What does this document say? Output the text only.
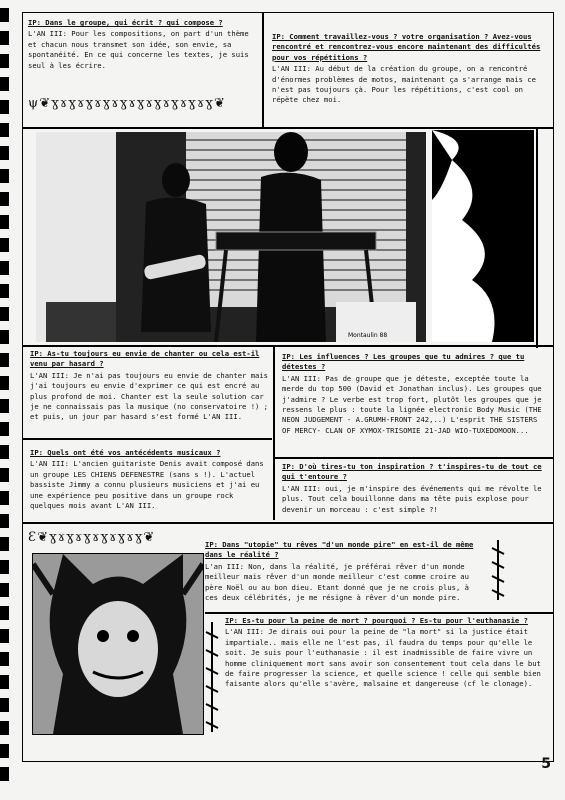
IP: Dans le groupe, qui écrit ? qui compose ?
L'AN III: Pour les compositions, on part d'un thème et chacun nous transmet son idée, son envie, sa spontanéité. En ce qui concerne les textes, je suis seul à les écrire.
IP: Comment travaillez-vous ? votre organisation ? Avez-vous rencontré et rencontrez-vous encore maintenant des difficultés pour vos répétitions ?
L'AN III: Au début de la création du groupe, on a rencontré d'énormes problèmes de motos, maintenant ça s'arrange mais ce n'est pas toujours çà. Pour les répétitions, c'est cool on répète chez moi.
ψ❦ɣɤɣɤɣɤɣɤɣɤɣɤɣɤɣɤɣɤɣ❦
Montaulin 88
IP: As-tu toujours eu envie de chanter ou cela est-il venu par hasard ?
L'AN III: Je n'ai pas toujours eu envie de chanter mais j'ai toujours eu envie d'exprimer ce qui est encré au plus profond de moi. Chanter est la seule solution car je ne connaissais pas la musique (no conservatoire !) ; et puis, un jour par hasard s'est formé L'AN III.
IP: Quels ont été vos antécédents musicaux ?
L'AN III: L'ancien guitariste Denis avait composé dans un groupe LES CHIENS DEFENESTRE (sans s !). L'actuel bassiste Jimmy a connu plusieurs musiciens et j'ai eu une expérience peu positive dans un groupe rock quelques mois avant L'AN III.
IP: Les influences ? Les groupes que tu admires ? que tu détestes ?
L'AN III: Pas de groupe que je déteste, exceptée toute la merde du top 500 (David et Jonathan inclus). Les groupes que j'admire ? Le verbe est trop fort, plutôt les groupes que je ressens le plus : toute la lignée electronic Body Music (THE NEON JUDGEMENT - A.GRUMH-FRONT 242,..) L'esprit THE SISTERS OF MERCY- CLAN OF XYMOX-TRISOMIE 21-JAD WIO-TUXEDOMOON...
IP: D'où tires-tu ton inspiration ? t'inspires-tu de tout ce qui t'entoure ?
L'AN III: oui, je m'inspire des événements qui me révolte le plus. Tout cela bouillonne dans ma tête puis explose pour devenir un morceau : c'est simple ?!
Ɛ❦ɣɤɣɤɣɤɣɤɣɤɣ❦	IP: Dans "utopie" tu rêves "d'un monde pire" en est-il de même dans le réalité ?
L'an III: Non, dans la réalité, je préférai rêver d'un monde meilleur mais rêver d'un monde meilleur c'est comme croire au père Noël ou au bon dieu. Etant donné que je ne crois plus, à ces deux célébrités, je me résigne à rêver d'un monde pire.
IP: Es-tu pour la peine de mort ? pourquoi ? Es-tu pour l'euthanasie ?
L'AN III: Je dirais oui pour la peine de "la mort" si la justice était impartiale.. mais elle ne l'est pas, il faudra du temps pour qu'elle le soit. Je suis pour l'euthanasie : il est inadmissible de faire vivre un homme cliniquement mort sans avoir son consentement tout cela dans le but de faire progresser la science, et quelle science ! celle qui semble bien faisante alors qu'elle s'avère, malsaine et dangereuse (cf le clonage).
5
